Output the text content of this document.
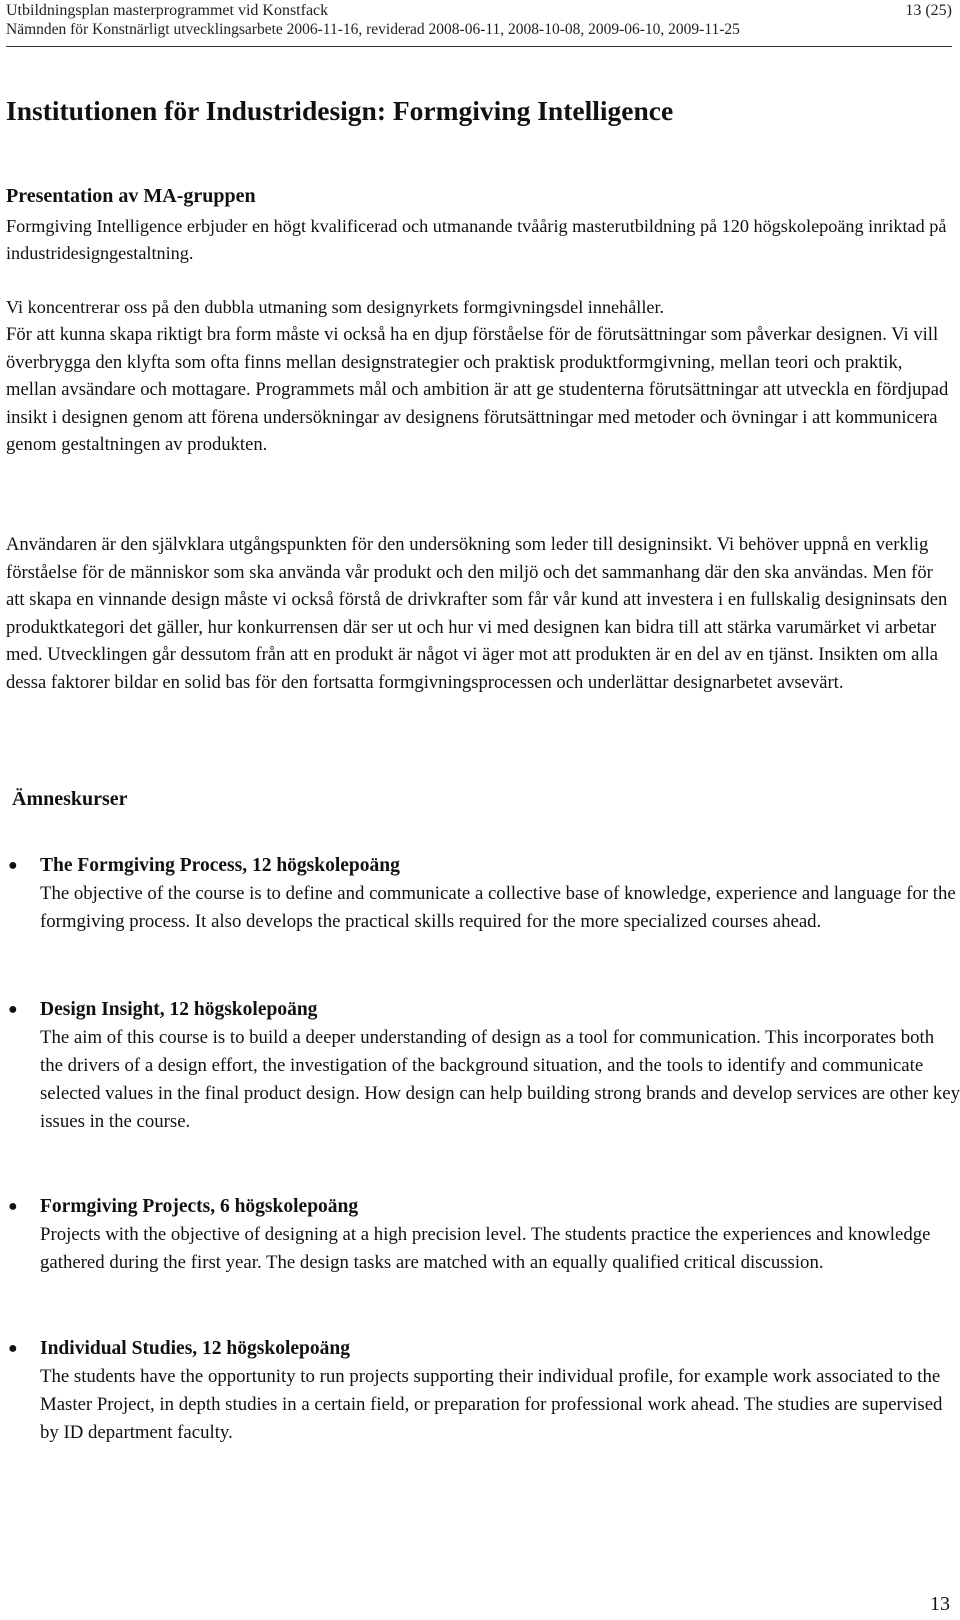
Utbildningsplan masterprogrammet vid Konstfack	13 (25)
Nämnden för Konstnärligt utvecklingsarbete 2006-11-16, reviderad 2008-06-11, 2008-10-08, 2009-06-10, 2009-11-25
Institutionen för Industridesign: Formgiving Intelligence
Presentation av MA-gruppen
Formgiving Intelligence erbjuder en högt kvalificerad och utmanande tvåårig masterutbildning på 120 högskolepoäng inriktad på industridesigngestaltning.
Vi koncentrerar oss på den dubbla utmaning som designyrkets formgivningsdel innehåller.
För att kunna skapa riktigt bra form måste vi också ha en djup förståelse för de förutsättningar som påverkar designen. Vi vill överbrygga den klyfta som ofta finns mellan designstrategier och praktisk produktformgivning, mellan teori och praktik, mellan avsändare och mottagare. Programmets mål och ambition är att ge studenterna förutsättningar att utveckla en fördjupad insikt i designen genom att förena undersökningar av designens förutsättningar med metoder och övningar i att kommunicera genom gestaltningen av produkten.
Användaren är den självklara utgångspunkten för den undersökning som leder till designinsikt. Vi behöver uppnå en verklig förståelse för de människor som ska använda vår produkt och den miljö och det sammanhang där den ska användas. Men för att skapa en vinnande design måste vi också förstå de drivkrafter som får vår kund att investera i en fullskalig designinsats den produktkategori det gäller, hur konkurrensen där ser ut och hur vi med designen kan bidra till att stärka varumärket vi arbetar med. Utvecklingen går dessutom från att en produkt är något vi äger mot att produkten är en del av en tjänst. Insikten om alla dessa faktorer bildar en solid bas för den fortsatta formgivningsprocessen och underlättar designarbetet avsevärt.
Ämneskurser
● The Formgiving Process, 12 högskolepoäng
The objective of the course is to define and communicate a collective base of knowledge, experience and language for the formgiving process. It also develops the practical skills required for the more specialized courses ahead.
● Design Insight, 12 högskolepoäng
The aim of this course is to build a deeper understanding of design as a tool for communication. This incorporates both the drivers of a design effort, the investigation of the background situation, and the tools to identify and communicate selected values in the final product design. How design can help building strong brands and develop services are other key issues in the course.
● Formgiving Projects, 6 högskolepoäng
Projects with the objective of designing at a high precision level. The students practice the experiences and knowledge gathered during the first year. The design tasks are matched with an equally qualified critical discussion.
● Individual Studies, 12 högskolepoäng
The students have the opportunity to run projects supporting their individual profile, for example work associated to the Master Project, in depth studies in a certain field, or preparation for professional work ahead. The studies are supervised by ID department faculty.
13
